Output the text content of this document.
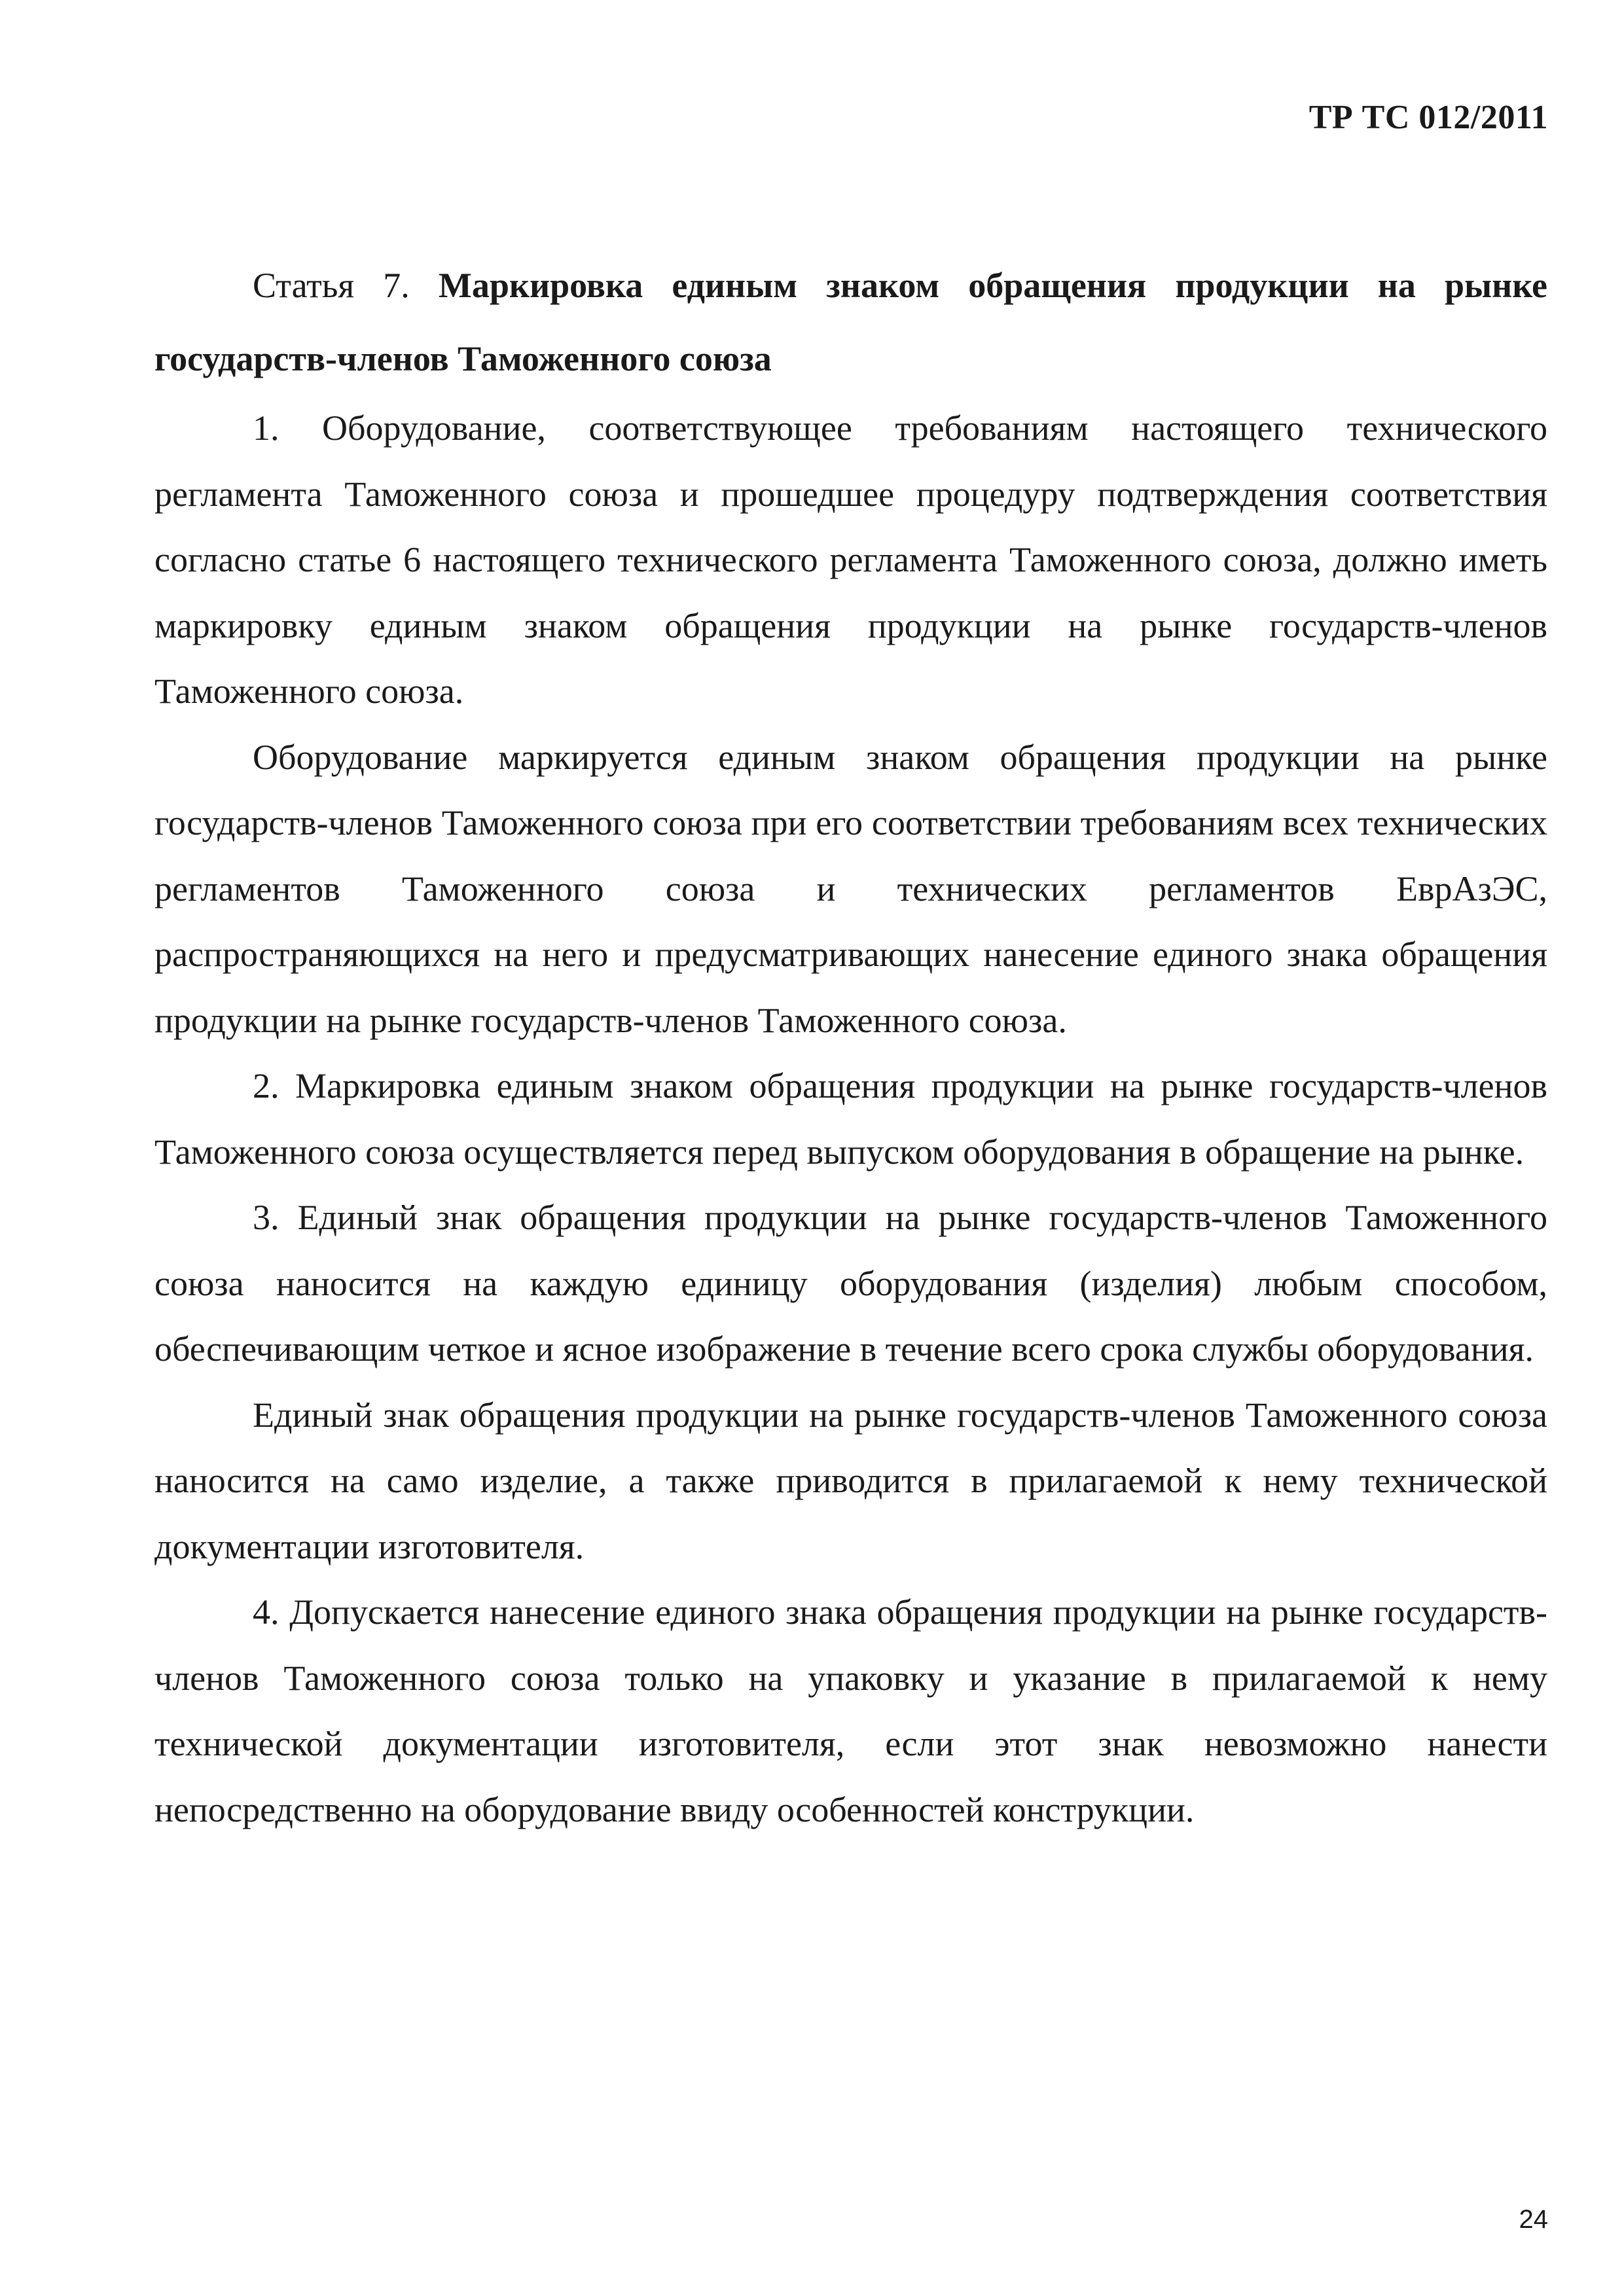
ТР ТС 012/2011

Статья 7. Маркировка единым знаком обращения продукции на рынке государств-членов Таможенного союза

1. Оборудование, соответствующее требованиям настоящего технического регламента Таможенного союза и прошедшее процедуру подтверждения соответствия согласно статье 6 настоящего технического регламента Таможенного союза, должно иметь маркировку единым знаком обращения продукции на рынке государств-членов Таможенного союза.

Оборудование маркируется единым знаком обращения продукции на рынке государств-членов Таможенного союза при его соответствии требованиям всех технических регламентов Таможенного союза и технических регламентов ЕврАзЭС, распространяющихся на него и предусматривающих нанесение единого знака обращения продукции на рынке государств-членов Таможенного союза.

2. Маркировка единым знаком обращения продукции на рынке государств-членов Таможенного союза осуществляется перед выпуском оборудования в обращение на рынке.

3. Единый знак обращения продукции на рынке государств-членов Таможенного союза наносится на каждую единицу оборудования (изделия) любым способом, обеспечивающим четкое и ясное изображение в течение всего срока службы оборудования.

Единый знак обращения продукции на рынке государств-членов Таможенного союза наносится на само изделие, а также приводится в прилагаемой к нему технической документации изготовителя.

4. Допускается нанесение единого знака обращения продукции на рынке государств-членов Таможенного союза только на упаковку и указание в прилагаемой к нему технической документации изготовителя, если этот знак невозможно нанести непосредственно на оборудование ввиду особенностей конструкции.

24
